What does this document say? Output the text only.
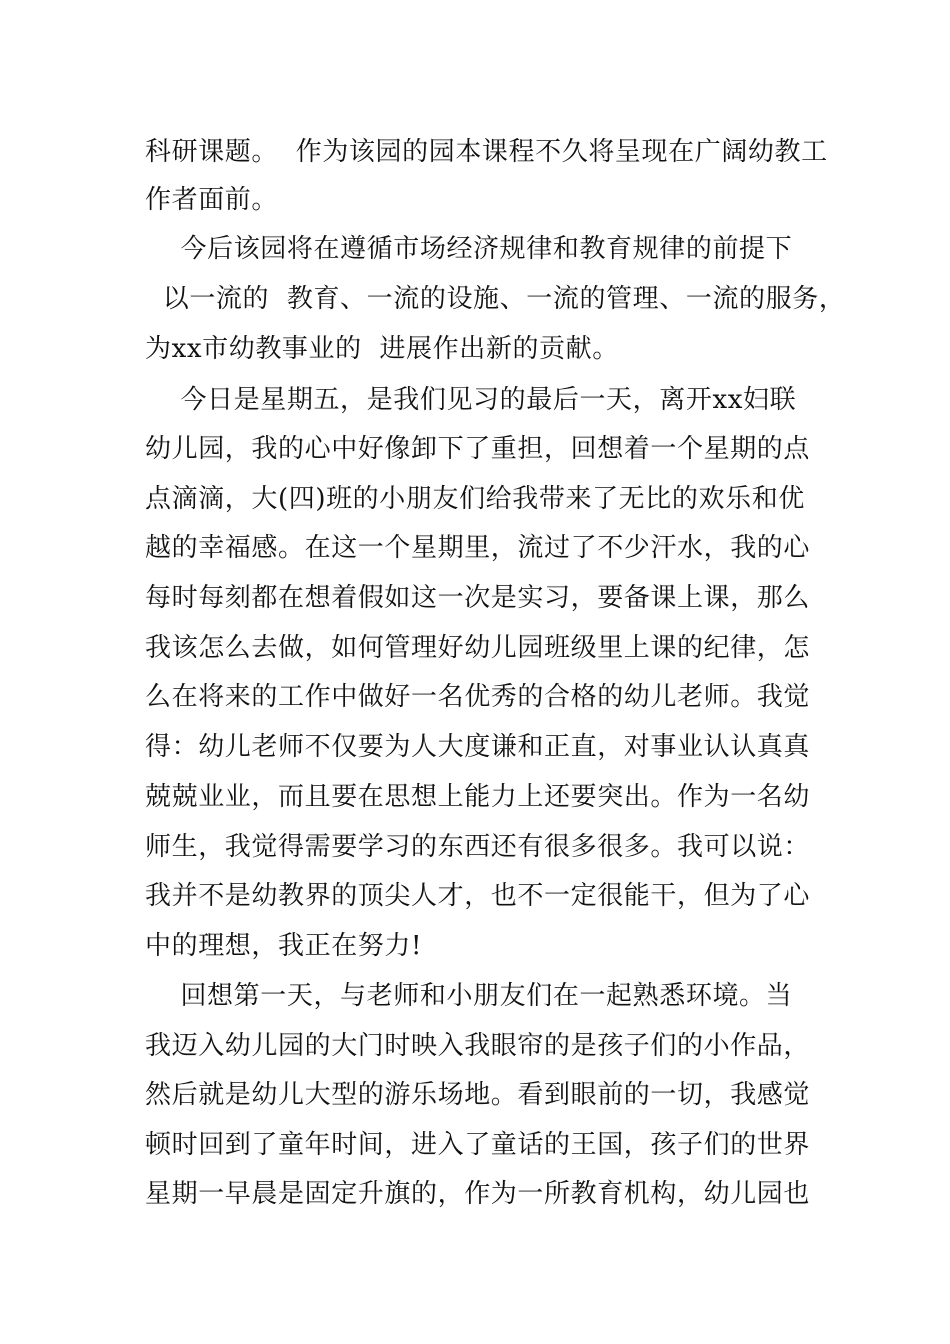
科研课题。  作为该园的园本课程不久将呈现在广阔幼教工
作者面前。
今后该园将在遵循市场经济规律和教育规律的前提下
以一流的  教育、一流的设施、一流的管理、一流的服务，
为xx市幼教事业的  进展作出新的贡献。
今日是星期五，是我们见习的最后一天，离开xx妇联
幼儿园，我的心中好像卸下了重担，回想着一个星期的点
点滴滴，大(四)班的小朋友们给我带来了无比的欢乐和优
越的幸福感。在这一个星期里，流过了不少汗水，我的心
每时每刻都在想着假如这一次是实习，要备课上课，那么
我该怎么去做，如何管理好幼儿园班级里上课的纪律，怎
么在将来的工作中做好一名优秀的合格的幼儿老师。我觉
得：幼儿老师不仅要为人大度谦和正直，对事业认认真真
兢兢业业，而且要在思想上能力上还要突出。作为一名幼
师生，我觉得需要学习的东西还有很多很多。我可以说：
我并不是幼教界的顶尖人才，也不一定很能干，但为了心
中的理想，我正在努力!
回想第一天，与老师和小朋友们在一起熟悉环境。当
我迈入幼儿园的大门时映入我眼帘的是孩子们的小作品，
然后就是幼儿大型的游乐场地。看到眼前的一切，我感觉
顿时回到了童年时间，进入了童话的王国，孩子们的世界
星期一早晨是固定升旗的，作为一所教育机构，幼儿园也
